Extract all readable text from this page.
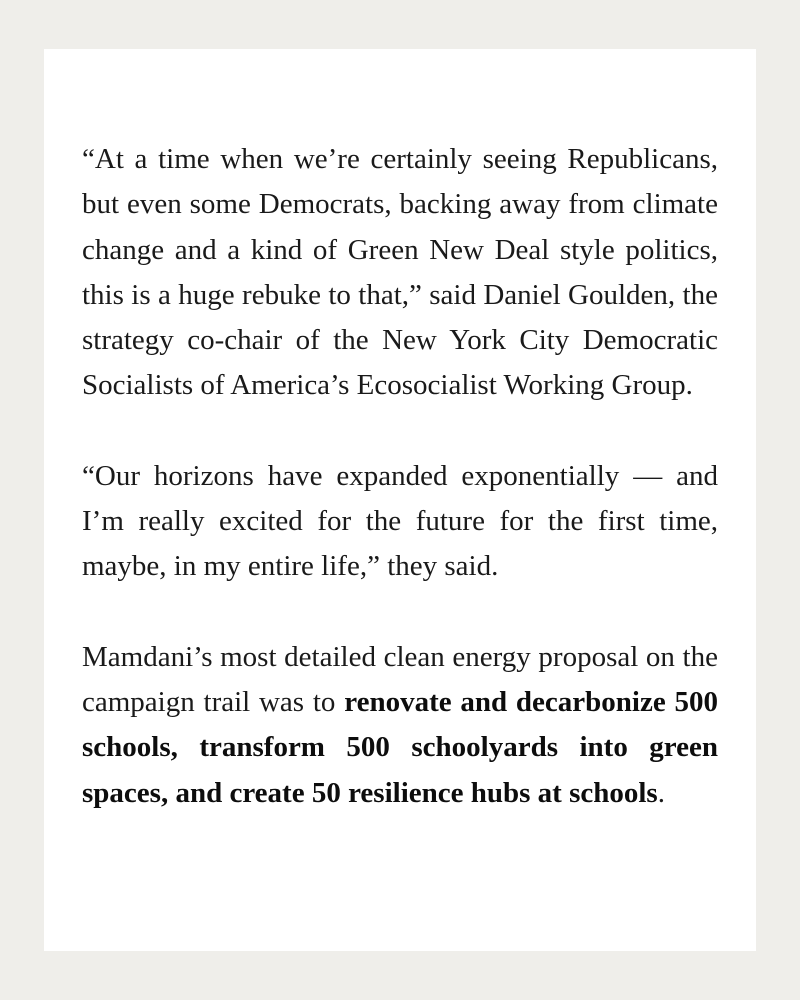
“At a time when we’re certainly seeing Republicans, but even some Democrats, backing away from climate change and a kind of Green New Deal style politics, this is a huge rebuke to that,” said Daniel Goulden, the strategy co-chair of the New York City Democratic Socialists of America’s Ecosocialist Working Group.

“Our horizons have expanded exponentially — and I’m really excited for the future for the first time, maybe, in my entire life,” they said.

Mamdani’s most detailed clean energy proposal on the campaign trail was to renovate and decarbonize 500 schools, transform 500 schoolyards into green spaces, and create 50 resilience hubs at schools.
